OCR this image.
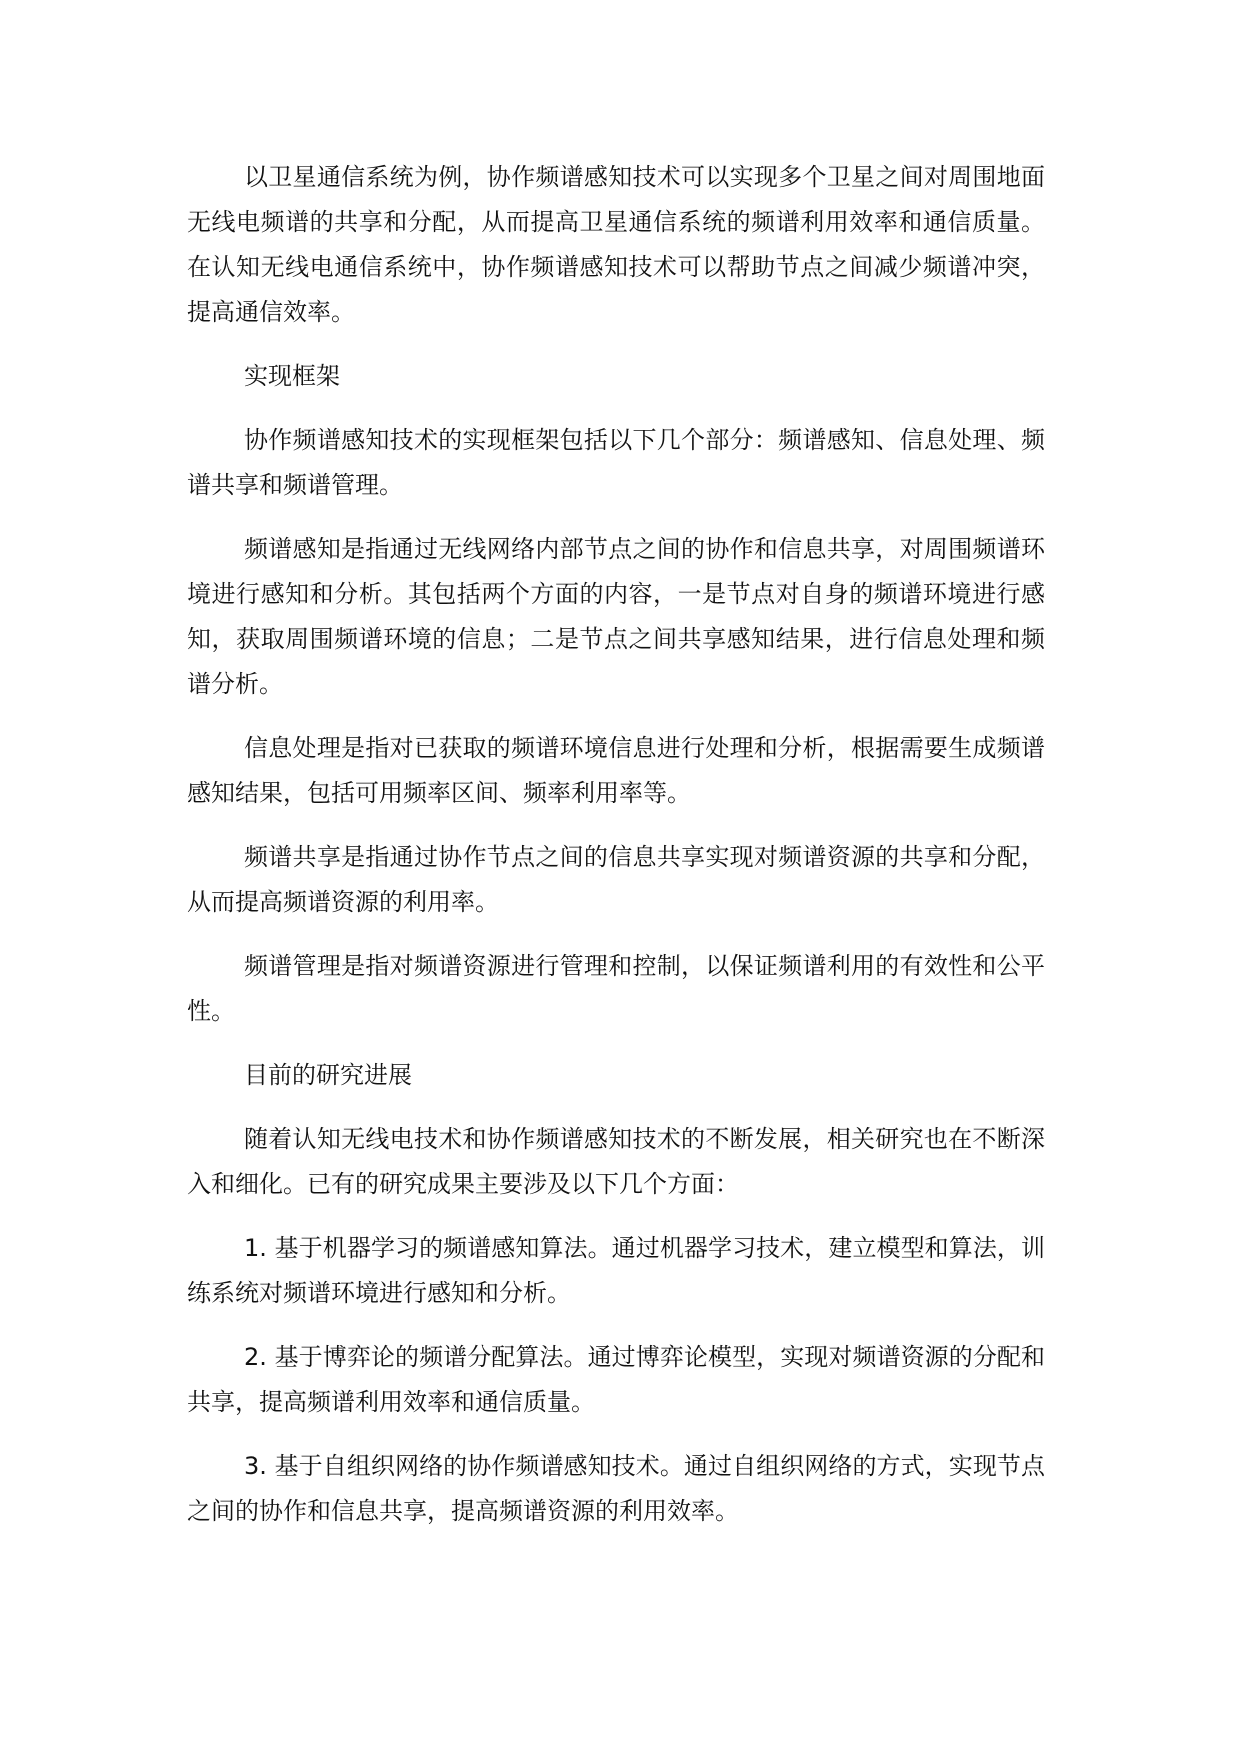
以卫星通信系统为例，协作频谱感知技术可以实现多个卫星之间对周围地面无线电频谱的共享和分配，从而提高卫星通信系统的频谱利用效率和通信质量。在认知无线电通信系统中，协作频谱感知技术可以帮助节点之间减少频谱冲突，提高通信效率。

实现框架

协作频谱感知技术的实现框架包括以下几个部分：频谱感知、信息处理、频谱共享和频谱管理。

频谱感知是指通过无线网络内部节点之间的协作和信息共享，对周围频谱环境进行感知和分析。其包括两个方面的内容，一是节点对自身的频谱环境进行感知，获取周围频谱环境的信息；二是节点之间共享感知结果，进行信息处理和频谱分析。

信息处理是指对已获取的频谱环境信息进行处理和分析，根据需要生成频谱感知结果，包括可用频率区间、频率利用率等。

频谱共享是指通过协作节点之间的信息共享实现对频谱资源的共享和分配，从而提高频谱资源的利用率。

频谱管理是指对频谱资源进行管理和控制，以保证频谱利用的有效性和公平性。

目前的研究进展

随着认知无线电技术和协作频谱感知技术的不断发展，相关研究也在不断深入和细化。已有的研究成果主要涉及以下几个方面：

1. 基于机器学习的频谱感知算法。通过机器学习技术，建立模型和算法，训练系统对频谱环境进行感知和分析。

2. 基于博弈论的频谱分配算法。通过博弈论模型，实现对频谱资源的分配和共享，提高频谱利用效率和通信质量。

3. 基于自组织网络的协作频谱感知技术。通过自组织网络的方式，实现节点之间的协作和信息共享，提高频谱资源的利用效率。
